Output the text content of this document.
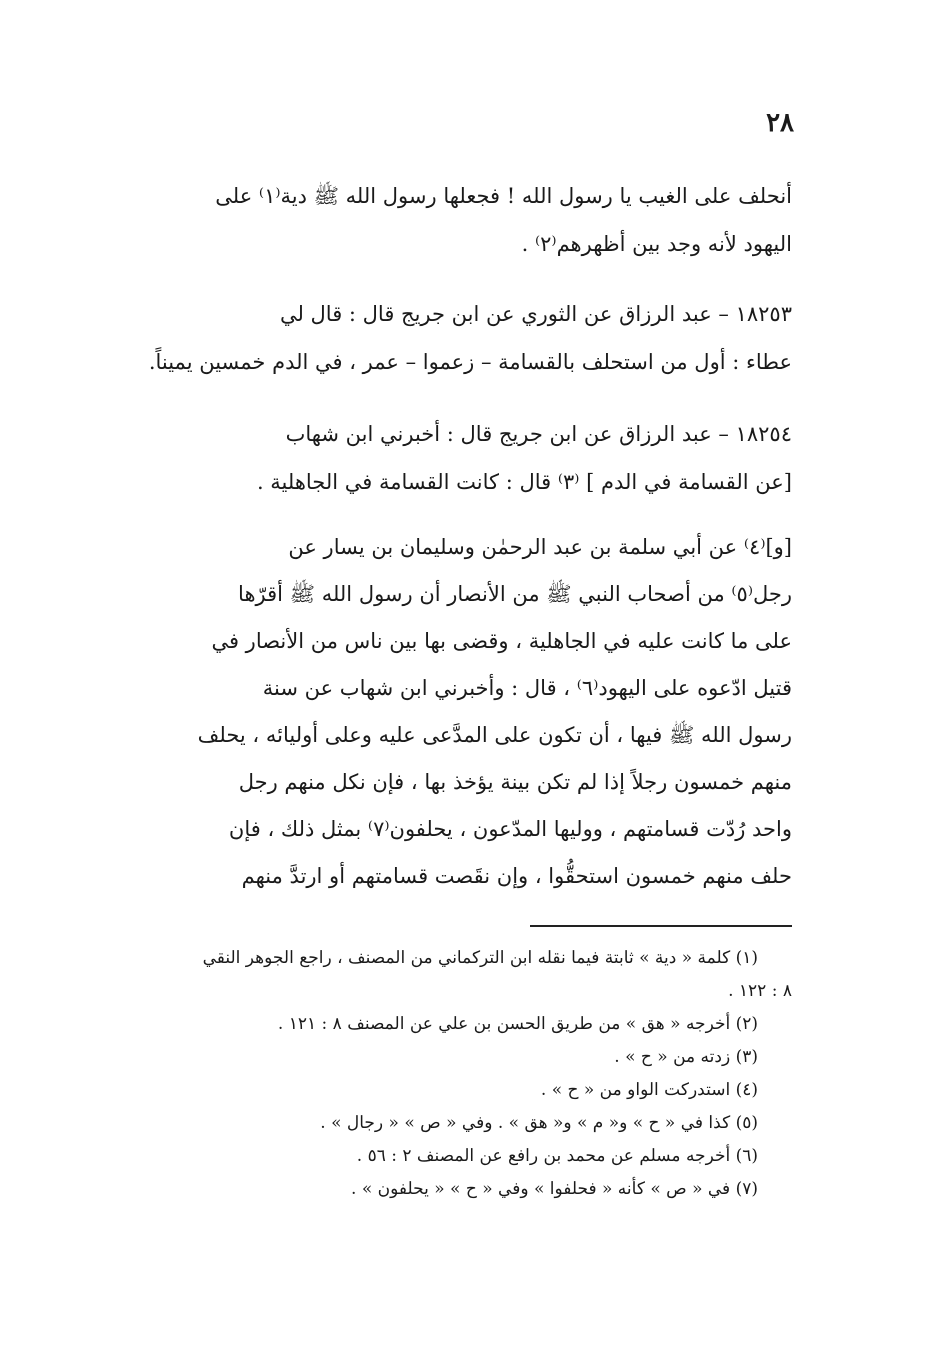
٢٨
أنحلف على الغيب يا رسول الله ! فجعلها رسول الله ﷺ دية⁽١⁾ على
اليهود لأنه وجد بين أظهرهم⁽٢⁾ .
١٨٢٥٣ – عبد الرزاق عن الثوري عن ابن جريج قال : قال لي
عطاء : أول من استحلف بالقسامة – زعموا – عمر ، في الدم خمسين يميناً.
١٨٢٥٤ – عبد الرزاق عن ابن جريج قال : أخبرني ابن شهاب
[عن القسامة في الدم ] ⁽٣⁾ قال : كانت القسامة في الجاهلية .
[و]⁽٤⁾ عن أبي سلمة بن عبد الرحمٰن وسليمان بن يسار عن
رجل⁽٥⁾ من أصحاب النبي ﷺ من الأنصار أن رسول الله ﷺ أقرّها
على ما كانت عليه في الجاهلية ، وقضى بها بين ناس من الأنصار في
قتيل ادّعوه على اليهود⁽٦⁾ ، قال : وأخبرني ابن شهاب عن سنة
رسول الله ﷺ فيها ، أن تكون على المدَّعى عليه وعلى أوليائه ، يحلف
منهم خمسون رجلاً إذا لم تكن بينة يؤخذ بها ، فإن نكل منهم رجل
واحد رُدّت قسامتهم ، ووليها المدّعون ، يحلفون⁽٧⁾ بمثل ذلك ، فإن
حلف منهم خمسون استحقُّوا ، وإن نقَصت قسامتهم أو ارتدَّ منهم
(١) كلمة « دية » ثابتة فيما نقله ابن التركماني من المصنف ، راجع الجوهر النقي
٨ : ١٢٢ .
(٢) أخرجه « هق » من طريق الحسن بن علي عن المصنف ٨ : ١٢١ .
(٣) زدته من « ح » .
(٤) استدركت الواو من « ح » .
(٥) كذا في « ح » و« م » و« هق » . وفي « ص » « رجال » .
(٦) أخرجه مسلم عن محمد بن رافع عن المصنف ٢ : ٥٦ .
(٧) في « ص » كأنه « فحلفوا » وفي « ح » « يحلفون » .
